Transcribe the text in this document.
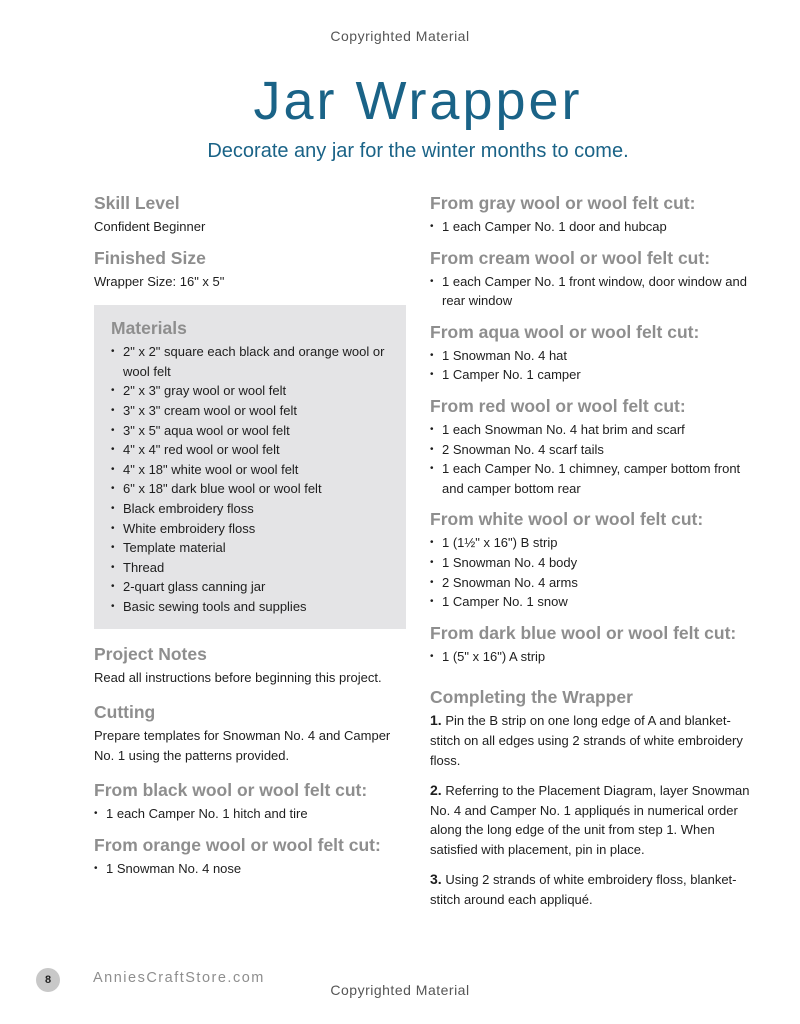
Copyrighted Material
Jar Wrapper

Decorate any jar for the winter months to come.

Skill Level

Confident Beginner

Finished Size

Wrapper Size: 16" x 5"

Materials

• 2" x 2" square each black and orange wool or wool felt
• 2" x 3" gray wool or wool felt
• 3" x 3" cream wool or wool felt
• 3" x 5" aqua wool or wool felt
• 4" x 4" red wool or wool felt
• 4" x 18" white wool or wool felt
• 6" x 18" dark blue wool or wool felt
• Black embroidery floss
• White embroidery floss
• Template material
• Thread
• 2-quart glass canning jar
• Basic sewing tools and supplies

Project Notes

Read all instructions before beginning this project.

Cutting

Prepare templates for Snowman No. 4 and Camper No. 1 using the patterns provided.

From black wool or wool felt cut:

• 1 each Camper No. 1 hitch and tire

From orange wool or wool felt cut:

• 1 Snowman No. 4 nose

From gray wool or wool felt cut:

• 1 each Camper No. 1 door and hubcap

From cream wool or wool felt cut:

• 1 each Camper No. 1 front window, door window and rear window

From aqua wool or wool felt cut:

• 1 Snowman No. 4 hat
• 1 Camper No. 1 camper

From red wool or wool felt cut:

• 1 each Snowman No. 4 hat brim and scarf
• 2 Snowman No. 4 scarf tails
• 1 each Camper No. 1 chimney, camper bottom front and camper bottom rear

From white wool or wool felt cut:

• 1 (1½" x 16") B strip
• 1 Snowman No. 4 body
• 2 Snowman No. 4 arms
• 1 Camper No. 1 snow

From dark blue wool or wool felt cut:

• 1 (5" x 16") A strip

Completing the Wrapper

1. Pin the B strip on one long edge of A and blanket-stitch on all edges using 2 strands of white embroidery floss.

2. Referring to the Placement Diagram, layer Snowman No. 4 and Camper No. 1 appliqués in numerical order along the long edge of the unit from step 1. When satisfied with placement, pin in place.

3. Using 2 strands of white embroidery floss, blanket-stitch around each appliqué.

8	AnniesCraftStore.com
Copyrighted Material
